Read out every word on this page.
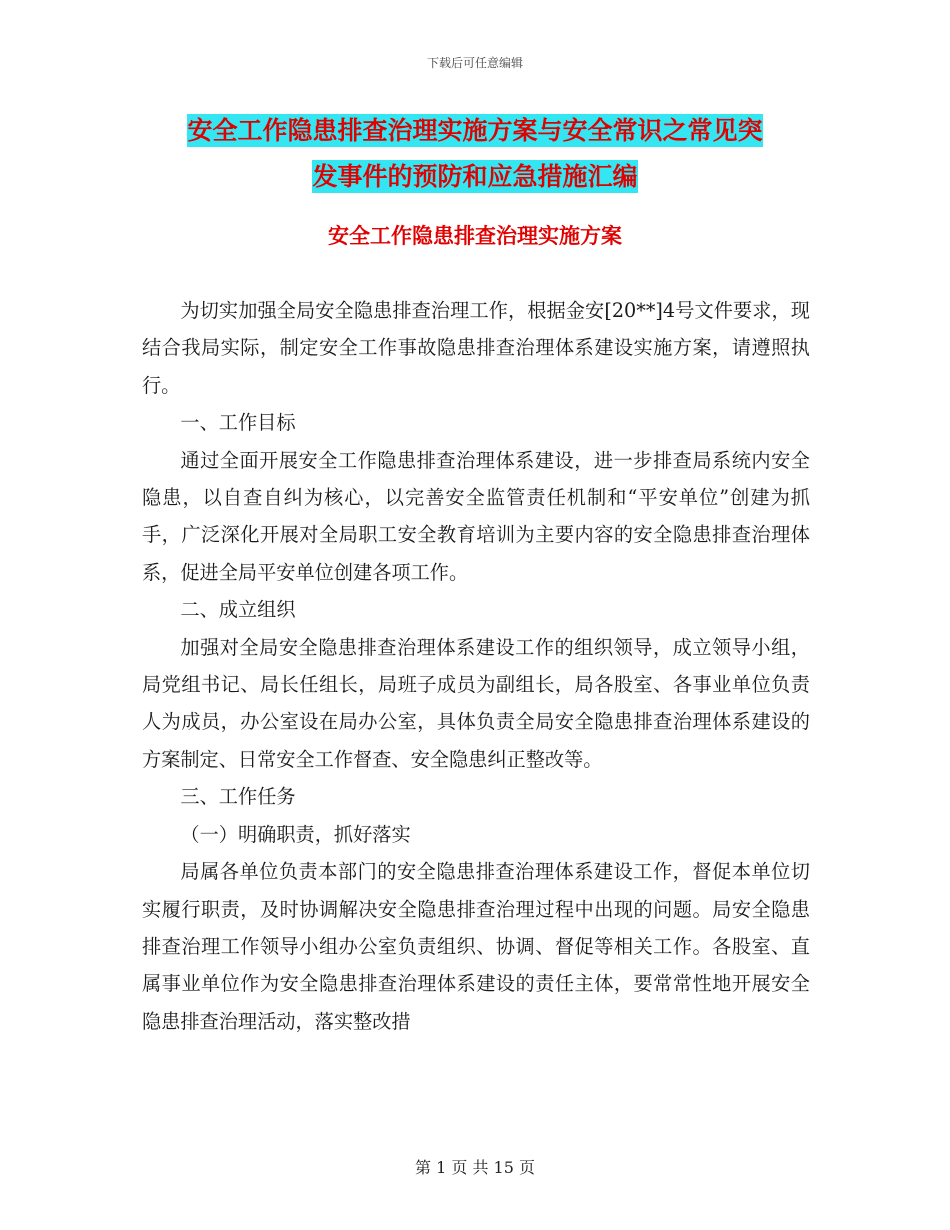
下载后可任意编辑
安全工作隐患排查治理实施方案与安全常识之常见突
发事件的预防和应急措施汇编
安全工作隐患排查治理实施方案

为切实加强全局安全隐患排查治理工作，根据金安[20**]4号文件要求，现结合我局实际，制定安全工作事故隐患排查治理体系建设实施方案，请遵照执行。

一、工作目标

通过全面开展安全工作隐患排查治理体系建设，进一步排查局系统内安全隐患，以自查自纠为核心，以完善安全监管责任机制和“平安单位”创建为抓手，广泛深化开展对全局职工安全教育培训为主要内容的安全隐患排查治理体系，促进全局平安单位创建各项工作。

二、成立组织

加强对全局安全隐患排查治理体系建设工作的组织领导，成立领导小组，局党组书记、局长任组长，局班子成员为副组长，局各股室、各事业单位负责人为成员，办公室设在局办公室，具体负责全局安全隐患排查治理体系建设的方案制定、日常安全工作督查、安全隐患纠正整改等。

三、工作任务

（一）明确职责，抓好落实

局属各单位负责本部门的安全隐患排查治理体系建设工作，督促本单位切实履行职责，及时协调解决安全隐患排查治理过程中出现的问题。局安全隐患排查治理工作领导小组办公室负责组织、协调、督促等相关工作。各股室、直属事业单位作为安全隐患排查治理体系建设的责任主体，要常常性地开展安全隐患排查治理活动，落实整改措

第 1 页 共 15 页
